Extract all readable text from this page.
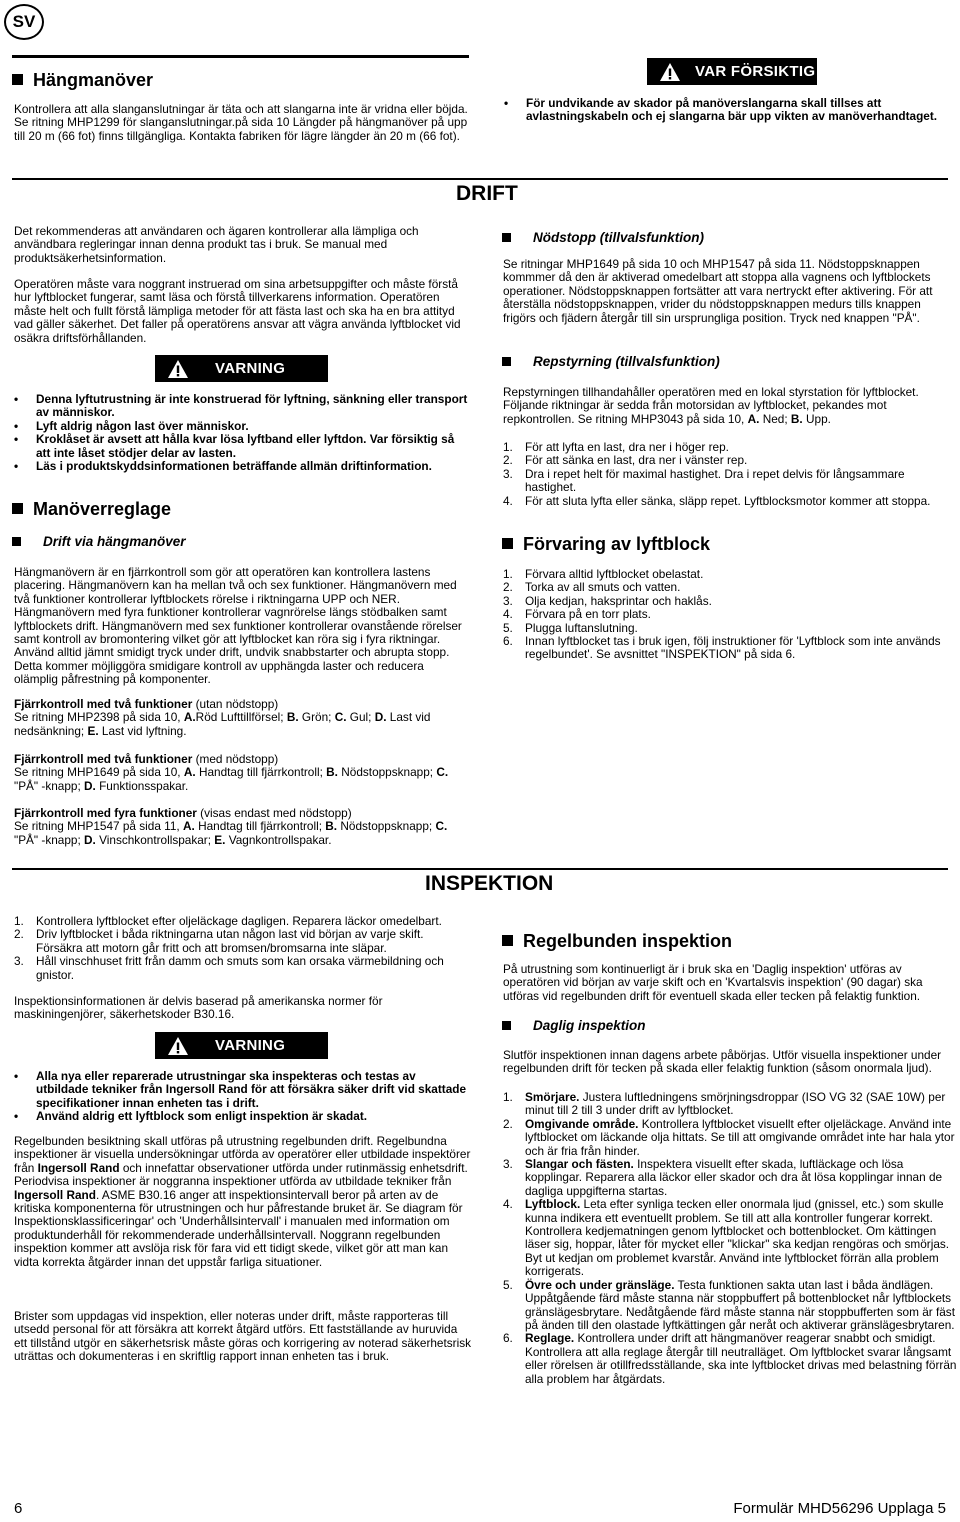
SV
Hängmanöver
Kontrollera att alla slanganslutningar är täta och att slangarna inte är vridna eller böjda. Se ritning MHP1299 för slanganslutningar.på sida 10 Längder på hängmanöver på upp till 20 m (66 fot) finns tillgängliga. Kontakta fabriken för lägre längder än 20 m (66 fot).
VAR FÖRSIKTIG
• För undvikande av skador på manöverslangarna skall tillses att avlastningskabeln och ej slangarna bär upp vikten av manöverhandtaget.
DRIFT
Det rekommenderas att användaren och ägaren kontrollerar alla lämpliga och användbara regleringar innan denna produkt tas i bruk. Se manual med produktsäkerhetsinformation.
Operatören måste vara noggrant instruerad om sina arbetsuppgifter och måste förstå hur lyftblocket fungerar, samt läsa och förstå tillverkarens information. Operatören måste helt och fullt förstå lämpliga metoder för att fästa last och ska ha en bra attityd vad gäller säkerhet. Det faller på operatörens ansvar att vägra använda lyftblocket vid osäkra driftsförhållanden.
VARNING
• Denna lyftutrustning är inte konstruerad för lyftning, sänkning eller transport av människor.
• Lyft aldrig någon last över människor.
• Kroklåset är avsett att hålla kvar lösa lyftband eller lyftdon. Var försiktig så att inte låset stödjer delar av lasten.
• Läs i produktskyddsinformationen beträffande allmän driftinformation.
Manöverreglage
Drift via hängmanöver
Hängmanövern är en fjärrkontroll som gör att operatören kan kontrollera lastens placering. Hängmanövern kan ha mellan två och sex funktioner. Hängmanövern med två funktioner kontrollerar lyftblockets rörelse i riktningarna UPP och NER. Hängmanövern med fyra funktioner kontrollerar vagnrörelse längs stödbalken samt lyftblockets drift. Hängmanövern med sex funktioner kontrollerar ovanstående rörelser samt kontroll av bromontering vilket gör att lyftblocket kan röra sig i fyra riktningar. Använd alltid jämnt smidigt tryck under drift, undvik snabbstarter och abrupta stopp. Detta kommer möjliggöra smidigare kontroll av upphängda laster och reducera olämplig påfrestning på komponenter.
Fjärrkontroll med två funktioner (utan nödstopp)
Se ritning MHP2398 på sida 10, A.Röd Lufttillförsel; B. Grön; C. Gul; D. Last vid nedsänkning; E. Last vid lyftning.
Fjärrkontroll med två funktioner (med nödstopp)
Se ritning MHP1649 på sida 10, A. Handtag till fjärrkontroll; B. Nödstoppsknapp; C. "PÅ" -knapp; D. Funktionsspakar.
Fjärrkontroll med fyra funktioner (visas endast med nödstopp)
Se ritning MHP1547 på sida 11, A. Handtag till fjärrkontroll; B. Nödstoppsknapp; C. "PÅ" -knapp; D. Vinschkontrollspakar; E. Vagnkontrollspakar.
Nödstopp (tillvalsfunktion)
Se ritningar MHP1649 på sida 10 och MHP1547 på sida 11. Nödstoppsknappen kommmer då den är aktiverad omedelbart att stoppa alla vagnens och lyftblockets operationer. Nödstoppsknappen fortsätter att vara nertryckt efter aktivering. För att återställa nödstoppsknappen, vrider du nödstoppsknappen medurs tills knappen frigörs och fjädern återgår till sin ursprungliga position. Tryck ned knappen "PÅ".
Repstyrning (tillvalsfunktion)
Repstyrningen tillhandahåller operatören med en lokal styrstation för lyftblocket. Följande riktningar är sedda från motorsidan av lyftblocket, pekandes mot repkontrollen. Se ritning MHP3043 på sida 10, A. Ned; B. Upp.
1. För att lyfta en last, dra ner i höger rep.
2. För att sänka en last, dra ner i vänster rep.
3. Dra i repet helt för maximal hastighet. Dra i repet delvis för långsammare hastighet.
4. För att sluta lyfta eller sänka, släpp repet. Lyftblocksmotor kommer att stoppa.
Förvaring av lyftblock
1. Förvara alltid lyftblocket obelastat.
2. Torka av all smuts och vatten.
3. Olja kedjan, haksprintar och haklås.
4. Förvara på en torr plats.
5. Plugga luftanslutning.
6. Innan lyftblocket tas i bruk igen, följ instruktioner för 'Lyftblock som inte används regelbundet'. Se avsnittet "INSPEKTION" på sida 6.
INSPEKTION
1. Kontrollera lyftblocket efter oljeläckage dagligen. Reparera läckor omedelbart.
2. Driv lyftblocket i båda riktningarna utan någon last vid början av varje skift. Försäkra att motorn går fritt och att bromsen/bromsarna inte släpar.
3. Håll vinschhuset fritt från damm och smuts som kan orsaka värmebildning och gnistor.
Inspektionsinformationen är delvis baserad på amerikanska normer för maskiningenjörer, säkerhetskoder B30.16.
VARNING
• Alla nya eller reparerade utrustningar ska inspekteras och testas av utbildade tekniker från Ingersoll Rand för att försäkra säker drift vid skattade specifikationer innan enheten tas i drift.
• Använd aldrig ett lyftblock som enligt inspektion är skadat.
Regelbunden besiktning skall utföras på utrustning regelbunden drift. Regelbundna inspektioner är visuella undersökningar utförda av operatörer eller utbildade inspektörer från Ingersoll Rand och innefattar observationer utförda under rutinmässig enhetsdrift. Periodvisa inspektioner är noggranna inspektioner utförda av utbildade tekniker från Ingersoll Rand. ASME B30.16 anger att inspektionsintervall beror på arten av de kritiska komponenterna för utrustningen och hur påfrestande bruket är. Se diagram för Inspektionsklassificeringar' och 'Underhållsintervall' i manualen med information om produktunderhåll för rekommenderade underhållsintervall. Noggrann regelbunden inspektion kommer att avslöja risk för fara vid ett tidigt skede, vilket gör att man kan vidta korrekta åtgärder innan det uppstår farliga situationer.
Brister som uppdagas vid inspektion, eller noteras under drift, måste rapporteras till utsedd personal för att försäkra att korrekt åtgärd utförs. Ett fastställande av huruvida ett tillstånd utgör en säkerhetsrisk måste göras och korrigering av noterad säkerhetsrisk uträttas och dokumenteras i en skriftlig rapport innan enheten tas i bruk.
Regelbunden inspektion
På utrustning som kontinuerligt är i bruk ska en 'Daglig inspektion' utföras av operatören vid början av varje skift och en 'Kvartalsvis inspektion' (90 dagar) ska utföras vid regelbunden drift för eventuell skada eller tecken på felaktig funktion.
Daglig inspektion
Slutför inspektionen innan dagens arbete påbörjas. Utför visuella inspektioner under regelbunden drift för tecken på skada eller felaktig funktion (såsom onormala ljud).
1. Smörjare. Justera luftledningens smörjningsdroppar (ISO VG 32 (SAE 10W) per minut till 2 till 3 under drift av lyftblocket.
2. Omgivande område. Kontrollera lyftblocket visuellt efter oljeläckage. Använd inte lyftblocket om läckande olja hittats. Se till att omgivande området inte har hala ytor och är fria från hinder.
3. Slangar och fästen. Inspektera visuellt efter skada, luftläckage och lösa kopplingar. Reparera alla läckor eller skador och dra åt lösa kopplingar innan de dagliga uppgifterna startas.
4. Lyftblock. Leta efter synliga tecken eller onormala ljud (gnissel, etc.) som skulle kunna indikera ett eventuellt problem. Se till att alla kontroller fungerar korrekt. Kontrollera kedjematningen genom lyftblocket och bottenblocket. Om kättingen läser sig, hoppar, låter för mycket eller "klickar" ska kedjan rengöras och smörjas. Byt ut kedjan om problemet kvarstår. Använd inte lyftblocket förrän alla problem korrigerats.
5. Övre och under gränsläge. Testa funktionen sakta utan last i båda ändlägen. Uppåtgående färd måste stanna när stoppbuffert på bottenblocket når lyftblockets gränslägesbrytare. Nedåtgående färd måste stanna när stoppbufferten som är fäst på änden till den olastade lyftkättingen går neråt och aktiverar gränslägesbrytaren.
6. Reglage. Kontrollera under drift att hängmanöver reagerar snabbt och smidigt. Kontrollera att alla reglage återgår till neutralläget. Om lyftblocket svarar långsamt eller rörelsen är otillfredsställande, ska inte lyftblocket drivas med belastning förrän alla problem har åtgärdats.
6	Formulär MHD56296 Upplaga 5
